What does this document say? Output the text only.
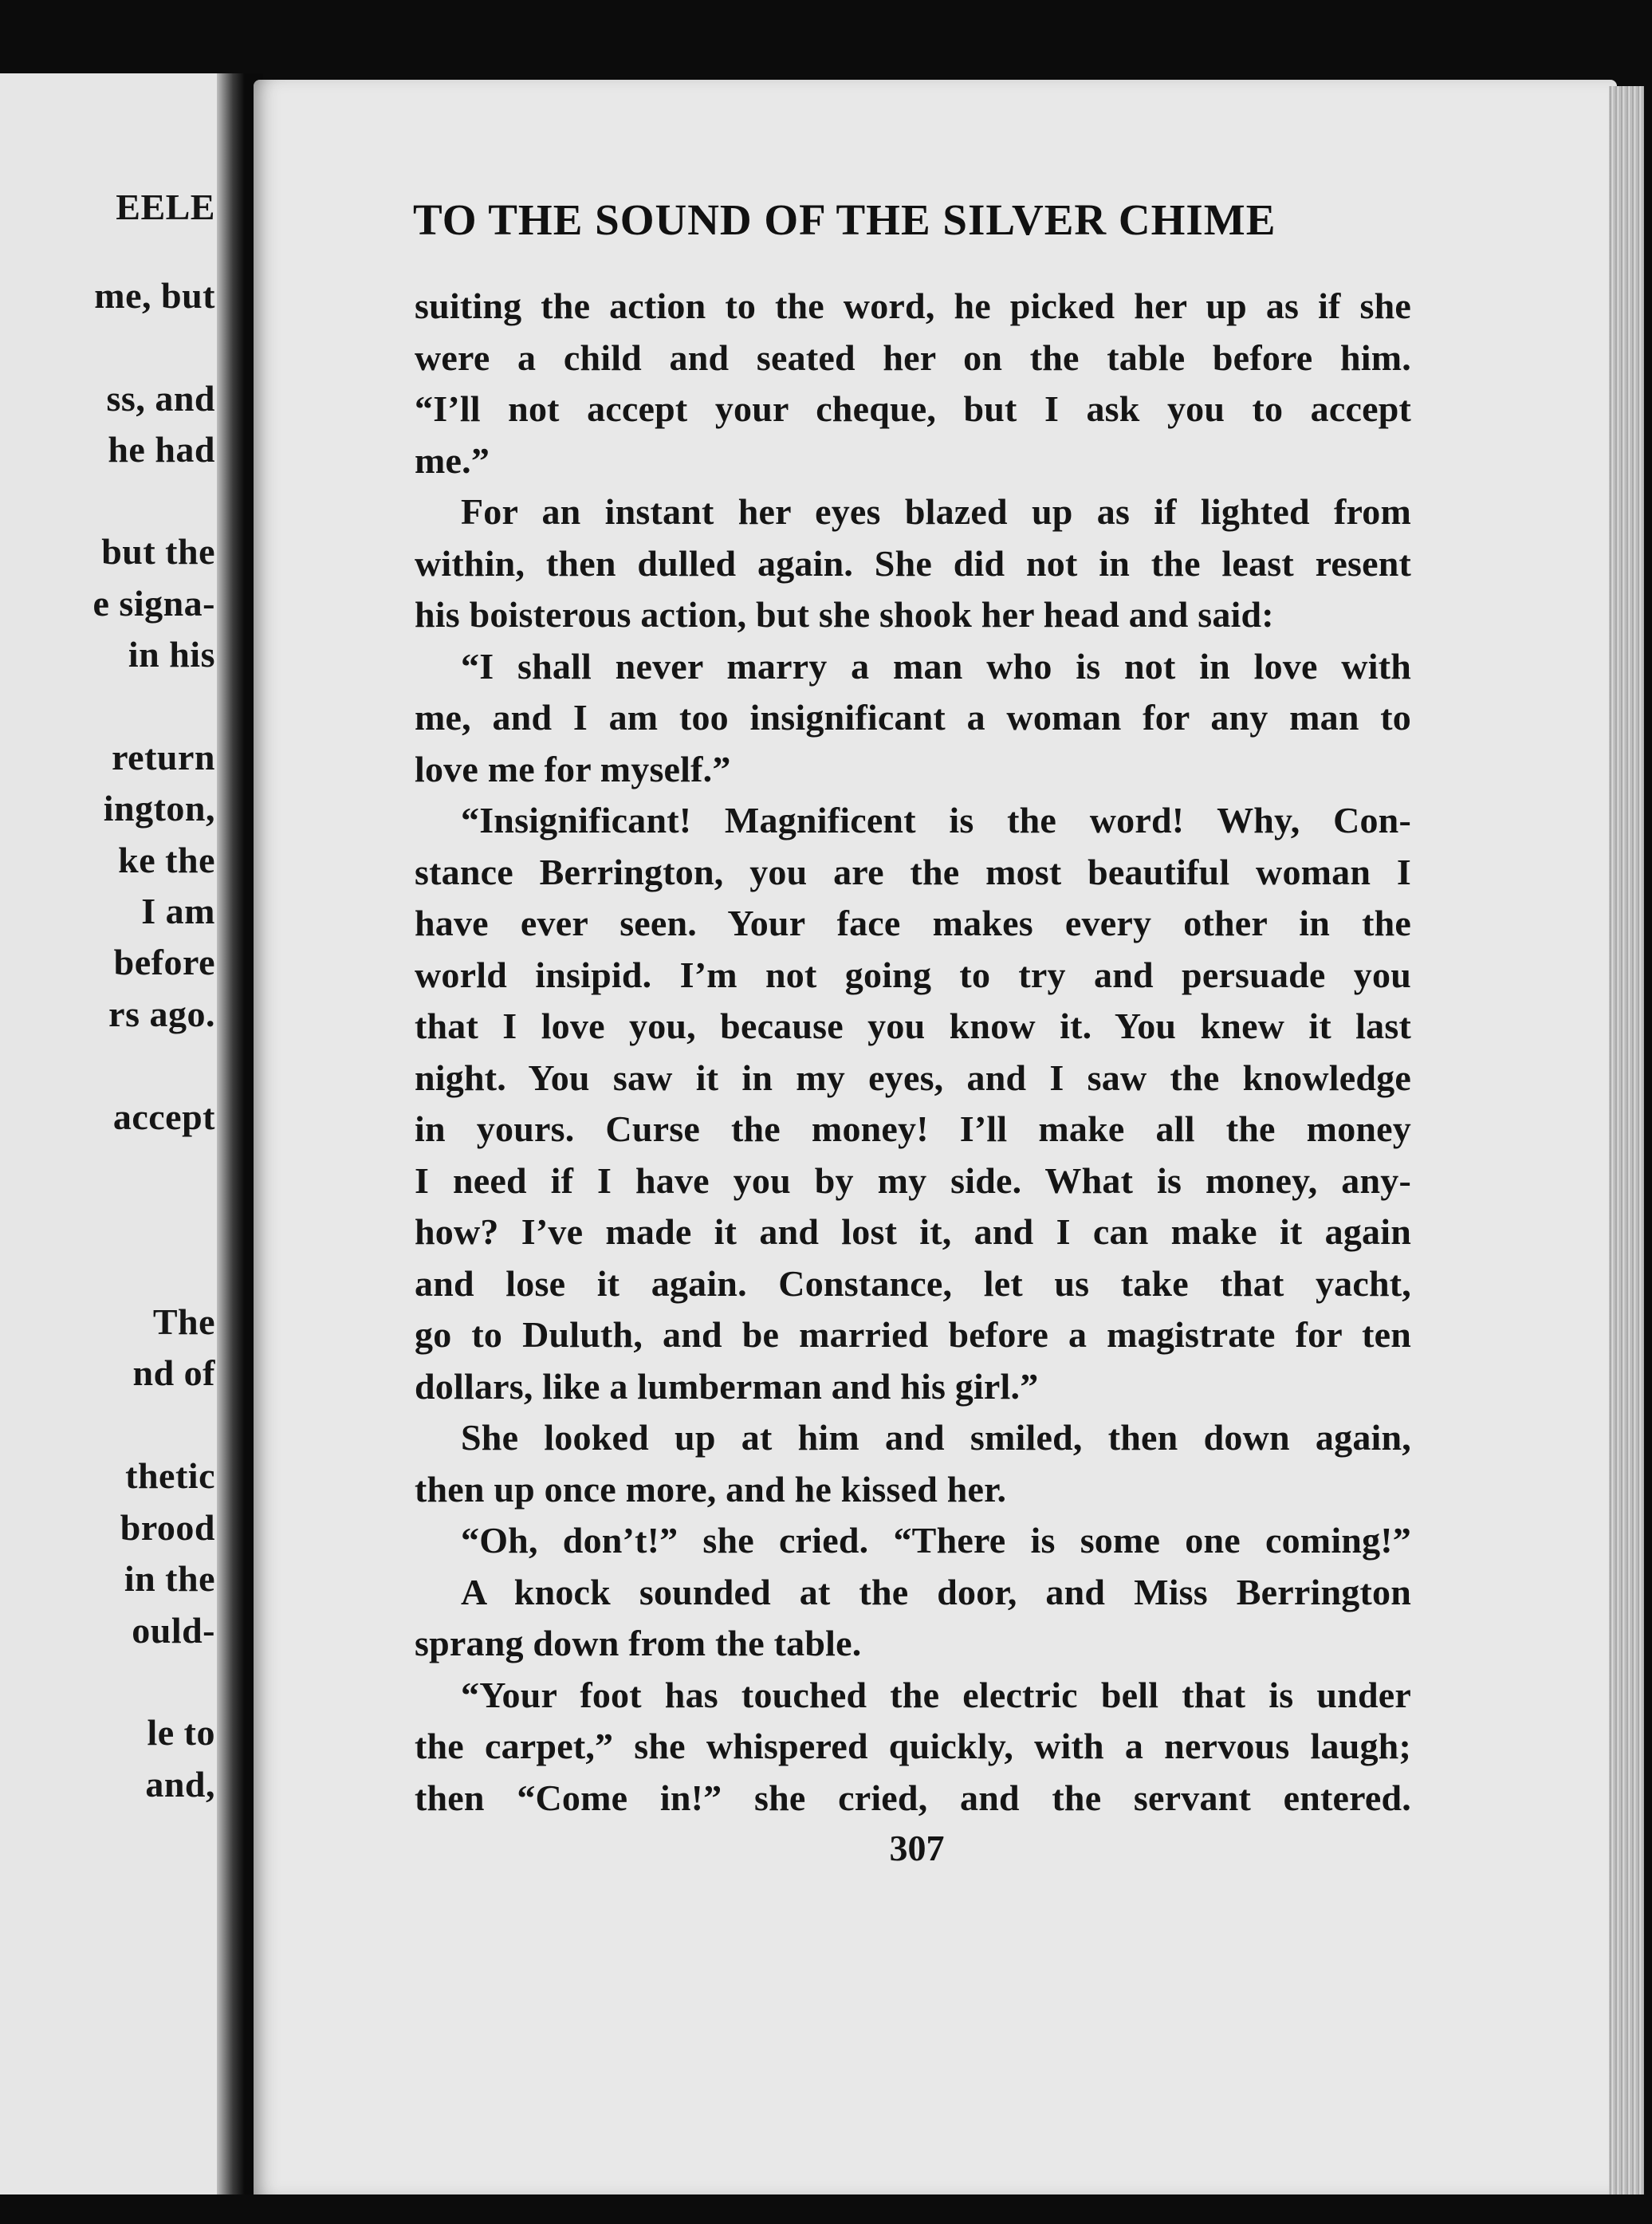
EELE
me, but
ss, and
he had
but the
e signa-
in his
return
ington,
ke the
I am
before
rs ago.
accept
The
nd of
thetic
brood
in the
ould-
le to
and,
TO THE SOUND OF THE SILVER CHIME
suiting the action to the word, he picked her up as if she
were a child and seated her on the table before him.
“I’ll not accept your cheque, but I ask you to accept
me.”
For an instant her eyes blazed up as if lighted from
within, then dulled again. She did not in the least resent
his boisterous action, but she shook her head and said:
“I shall never marry a man who is not in love with
me, and I am too insignificant a woman for any man to
love me for myself.”
“Insignificant! Magnificent is the word! Why, Con-
stance Berrington, you are the most beautiful woman I
have ever seen. Your face makes every other in the
world insipid. I’m not going to try and persuade you
that I love you, because you know it. You knew it last
night. You saw it in my eyes, and I saw the knowledge
in yours. Curse the money! I’ll make all the money
I need if I have you by my side. What is money, any-
how? I’ve made it and lost it, and I can make it again
and lose it again. Constance, let us take that yacht,
go to Duluth, and be married before a magistrate for ten
dollars, like a lumberman and his girl.”
She looked up at him and smiled, then down again,
then up once more, and he kissed her.
“Oh, don’t!” she cried. “There is some one coming!”
A knock sounded at the door, and Miss Berrington
sprang down from the table.
“Your foot has touched the electric bell that is under
the carpet,” she whispered quickly, with a nervous laugh;
then “Come in!” she cried, and the servant entered.
307
